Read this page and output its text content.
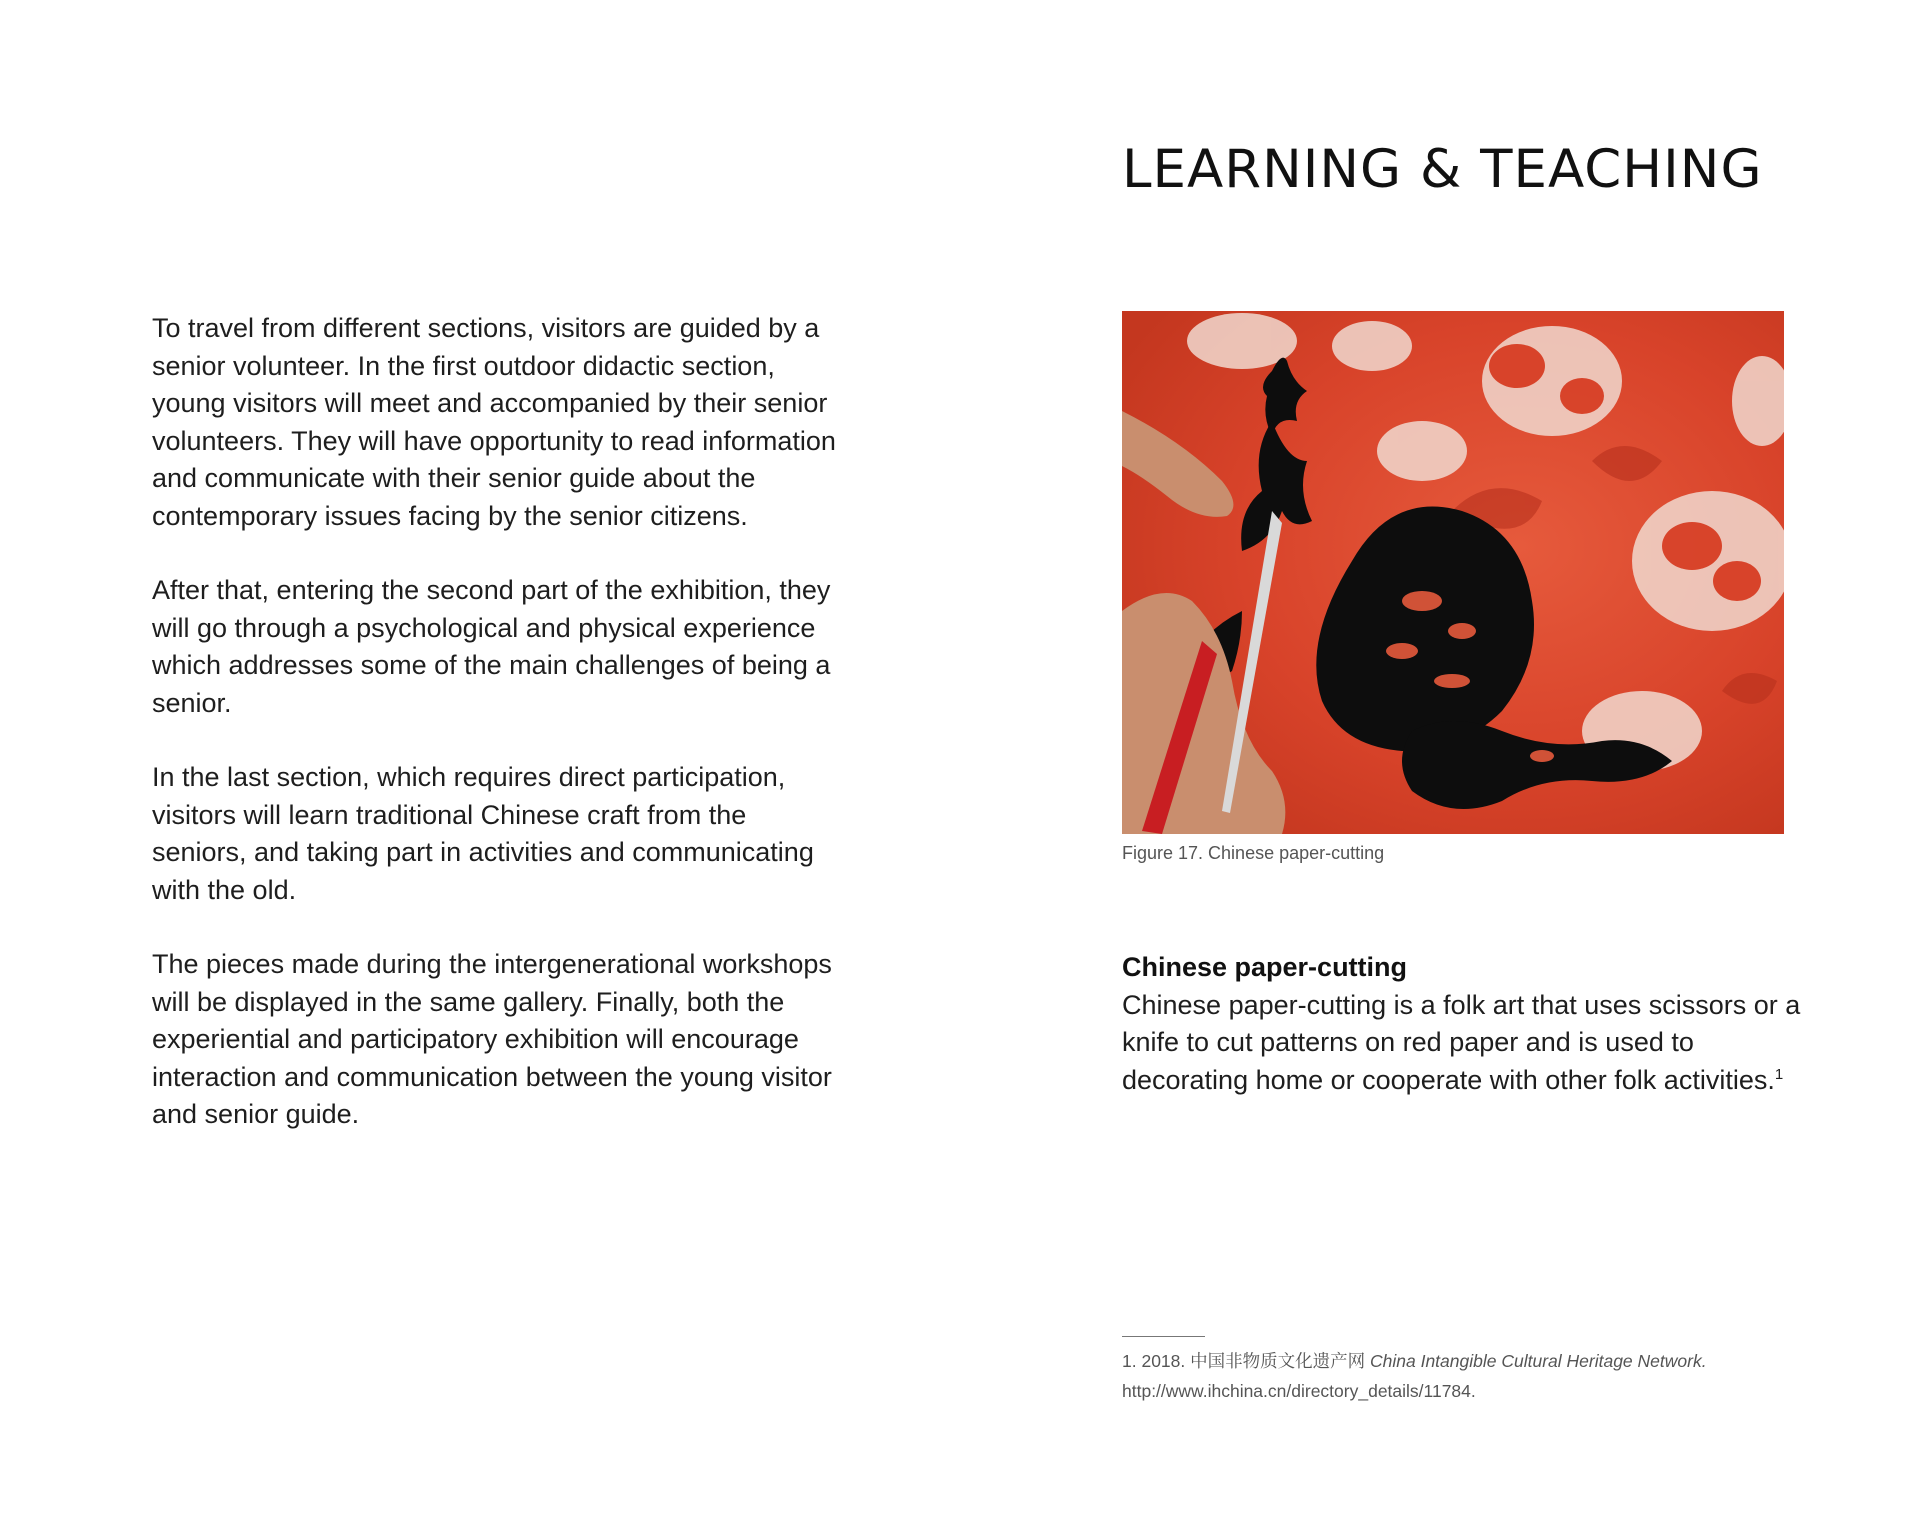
LEARNING & TEACHING

To travel from different sections, visitors are guided by a senior volunteer. In the first outdoor didactic section, young visitors will meet and accompanied by their senior volunteers. They will have opportunity to read information and communicate with their senior guide about the contemporary issues facing by the senior citizens.

After that, entering the second part of the exhibition, they will go through a psychological and physical experience which addresses some of the main challenges of being a senior.

In the last section, which requires direct participation, visitors will learn traditional Chinese craft from the seniors, and taking part in activities and communicating with the old.

The pieces made during the intergenerational workshops will be displayed in the same gallery. Finally, both the experiential and participatory exhibition will encourage interaction and communication between the young visitor and senior guide.

Figure 17. Chinese paper-cutting
Chinese paper-cutting

Chinese paper-cutting is a folk art that uses scissors or a knife to cut patterns on red paper and is used to decorating home or cooperate with other folk activities.$^1$

1. 2018. 中国非物质文化遗产网 China Intangible Cultural Heritage Network.
http://www.ihchina.cn/directory_details/11784.
